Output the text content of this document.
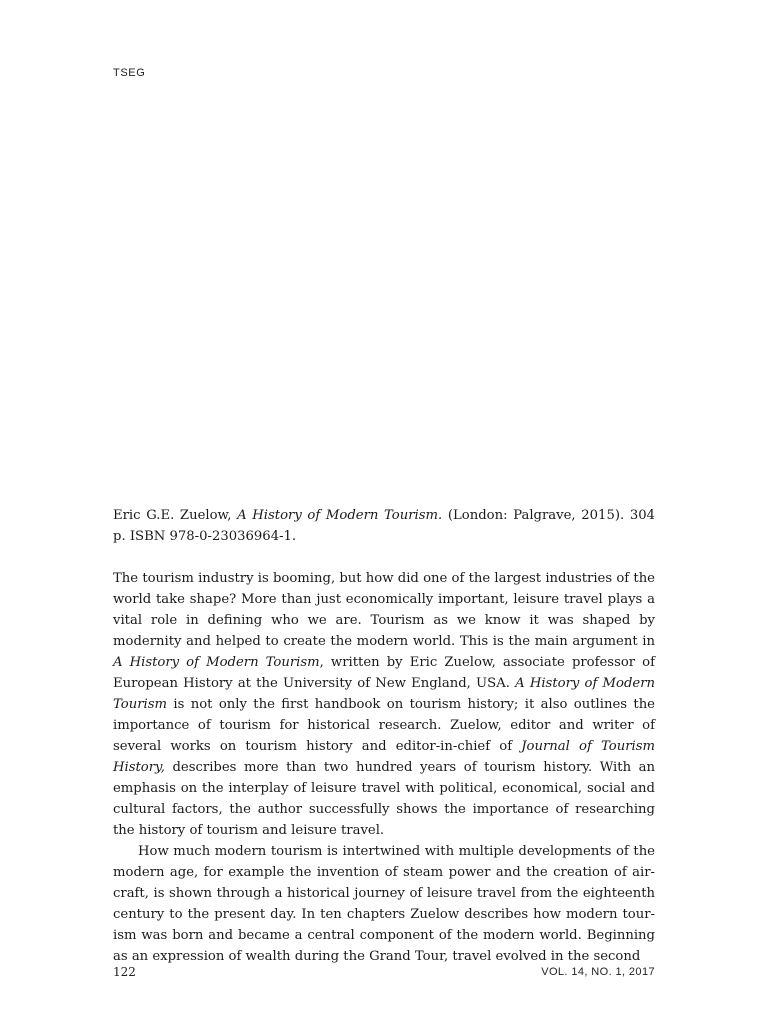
TSEG

Eric G.E. Zuelow, A History of Modern Tourism. (London: Palgrave, 2015). 304 p. ISBN 978-0-23036964-1.

The tourism industry is booming, but how did one of the largest industries of the world take shape? More than just economically important, leisure travel plays a vital role in defining who we are. Tourism as we know it was shaped by modernity and helped to create the modern world. This is the main argument in A History of Modern Tourism, written by Eric Zuelow, associate professor of European History at the University of New England, USA. A History of Modern Tourism is not only the first handbook on tourism history; it also outlines the importance of tourism for historical research. Zuelow, editor and writer of several works on tourism history and editor-in-chief of Journal of Tourism History, describes more than two hundred years of tourism history. With an emphasis on the interplay of leisure travel with political, economical, social and cultural factors, the author successfully shows the importance of researching the history of tourism and leisure travel.

How much modern tourism is intertwined with multiple developments of the modern age, for example the invention of steam power and the creation of air-craft, is shown through a historical journey of leisure travel from the eighteenth century to the present day. In ten chapters Zuelow describes how modern tour-ism was born and became a central component of the modern world. Beginning as an expression of wealth during the Grand Tour, travel evolved in the second

122	VOL. 14, NO. 1, 2017
